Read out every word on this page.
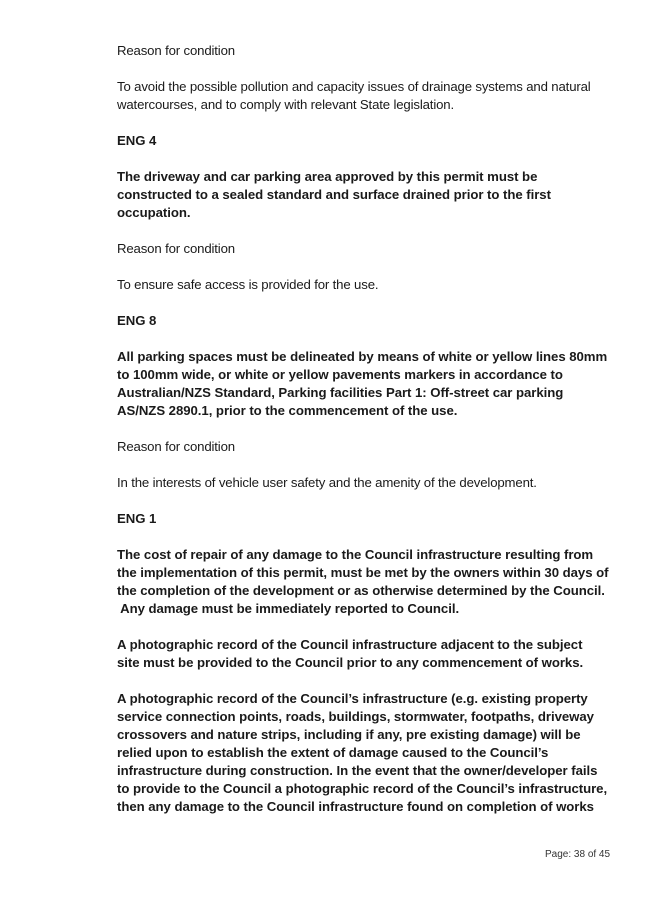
Reason for condition
To avoid the possible pollution and capacity issues of drainage systems and natural
watercourses, and to comply with relevant State legislation.
ENG 4
The driveway and car parking area approved by this permit must be
constructed to a sealed standard and surface drained prior to the first
occupation.
Reason for condition
To ensure safe access is provided for the use.
ENG 8
All parking spaces must be delineated by means of white or yellow lines 80mm
to 100mm wide, or white or yellow pavements markers in accordance to
Australian/NZS Standard, Parking facilities Part 1: Off-street car parking
AS/NZS 2890.1, prior to the commencement of the use.
Reason for condition
In the interests of vehicle user safety and the amenity of the development.
ENG 1
The cost of repair of any damage to the Council infrastructure resulting from
the implementation of this permit, must be met by the owners within 30 days of
the completion of the development or as otherwise determined by the Council.
Any damage must be immediately reported to Council.
A photographic record of the Council infrastructure adjacent to the subject
site must be provided to the Council prior to any commencement of works.
A photographic record of the Council’s infrastructure (e.g. existing property
service connection points, roads, buildings, stormwater, footpaths, driveway
crossovers and nature strips, including if any, pre existing damage) will be
relied upon to establish the extent of damage caused to the Council’s
infrastructure during construction. In the event that the owner/developer fails
to provide to the Council a photographic record of the Council’s infrastructure,
then any damage to the Council infrastructure found on completion of works
Page: 38 of 45
